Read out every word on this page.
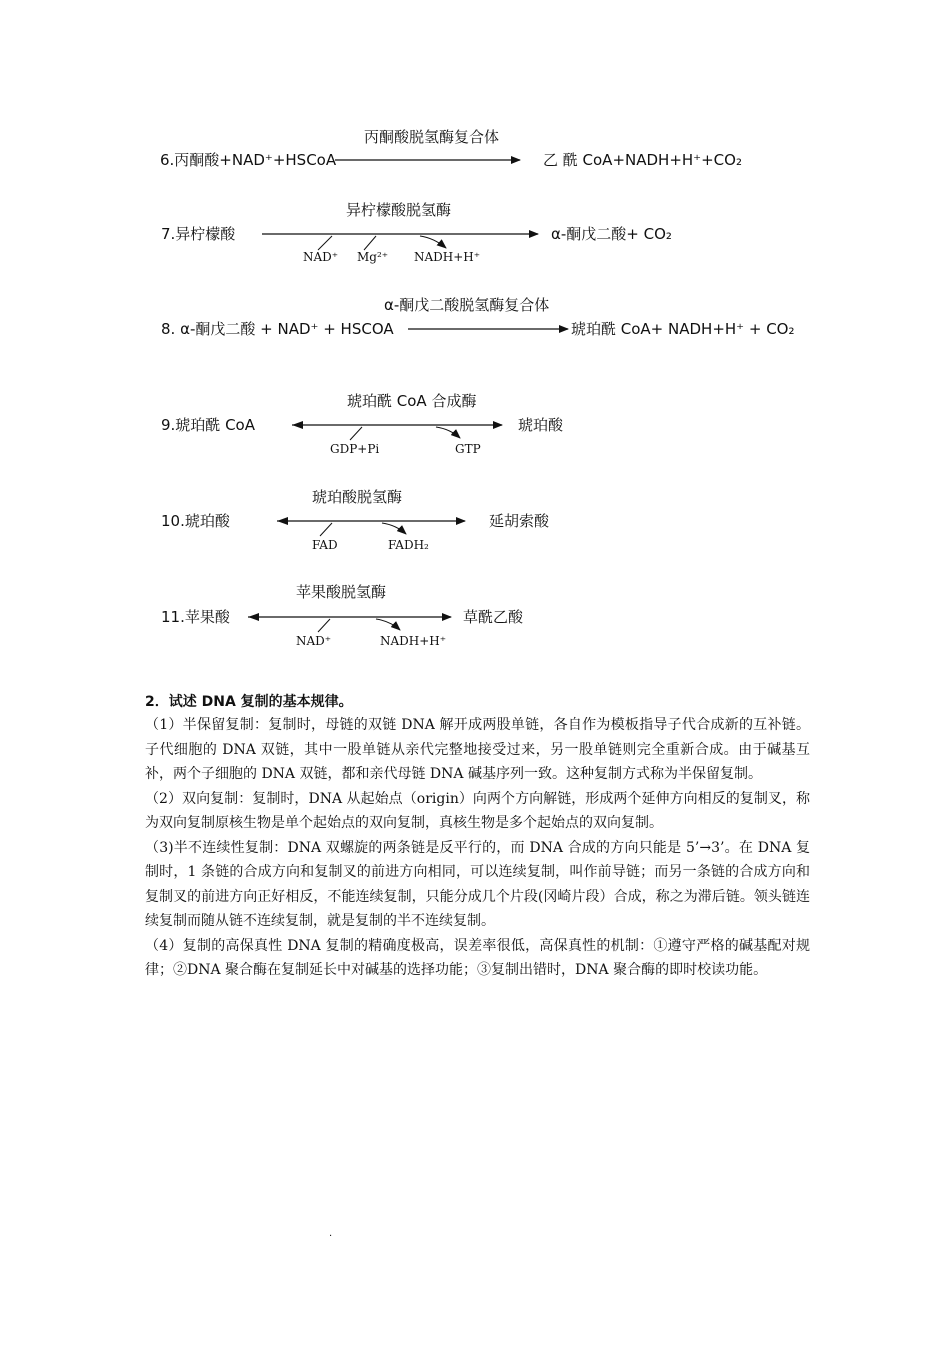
丙酮酸脱氢酶复合体
6.丙酮酸+NAD⁺+HSCoA	乙 酰 CoA+NADH+H⁺+CO₂
异柠檬酸脱氢酶
7.异柠檬酸	α-酮戊二酸+ CO₂
NAD⁺ Mg²⁺ NADH+H⁺
α-酮戊二酸脱氢酶复合体
8. α-酮戊二酸 + NAD⁺ + HSCOA	琥珀酰 CoA+ NADH+H⁺ + CO₂
琥珀酰 CoA 合成酶
9.琥珀酰 CoA	琥珀酸
GDP+Pi	GTP
琥珀酸脱氢酶
10.琥珀酸	延胡索酸
FAD	FADH₂
苹果酸脱氢酶
11.苹果酸	草酰乙酸
NAD⁺	NADH+H⁺
2．试述 DNA 复制的基本规律。

（1）半保留复制：复制时，母链的双链 DNA 解开成两股单链，各自作为模板指导子代合成新的互补链。子代细胞的 DNA 双链，其中一股单链从亲代完整地接受过来，另一股单链则完全重新合成。由于碱基互补，两个子细胞的 DNA 双链，都和亲代母链 DNA 碱基序列一致。这种复制方式称为半保留复制。

（2）双向复制：复制时，DNA 从起始点（origin）向两个方向解链，形成两个延伸方向相反的复制叉，称为双向复制原核生物是单个起始点的双向复制，真核生物是多个起始点的双向复制。

（3)半不连续性复制：DNA 双螺旋的两条链是反平行的，而 DNA 合成的方向只能是 5’→3’。在 DNA 复制时，1 条链的合成方向和复制叉的前进方向相同，可以连续复制，叫作前导链；而另一条链的合成方向和复制叉的前进方向正好相反，不能连续复制，只能分成几个片段(冈崎片段）合成，称之为滞后链。领头链连续复制而随从链不连续复制，就是复制的半不连续复制。

（4）复制的高保真性 DNA 复制的精确度极高，误差率很低，高保真性的机制：①遵守严格的碱基配对规律；②DNA 聚合酶在复制延长中对碱基的选择功能；③复制出错时，DNA 聚合酶的即时校读功能。

.
